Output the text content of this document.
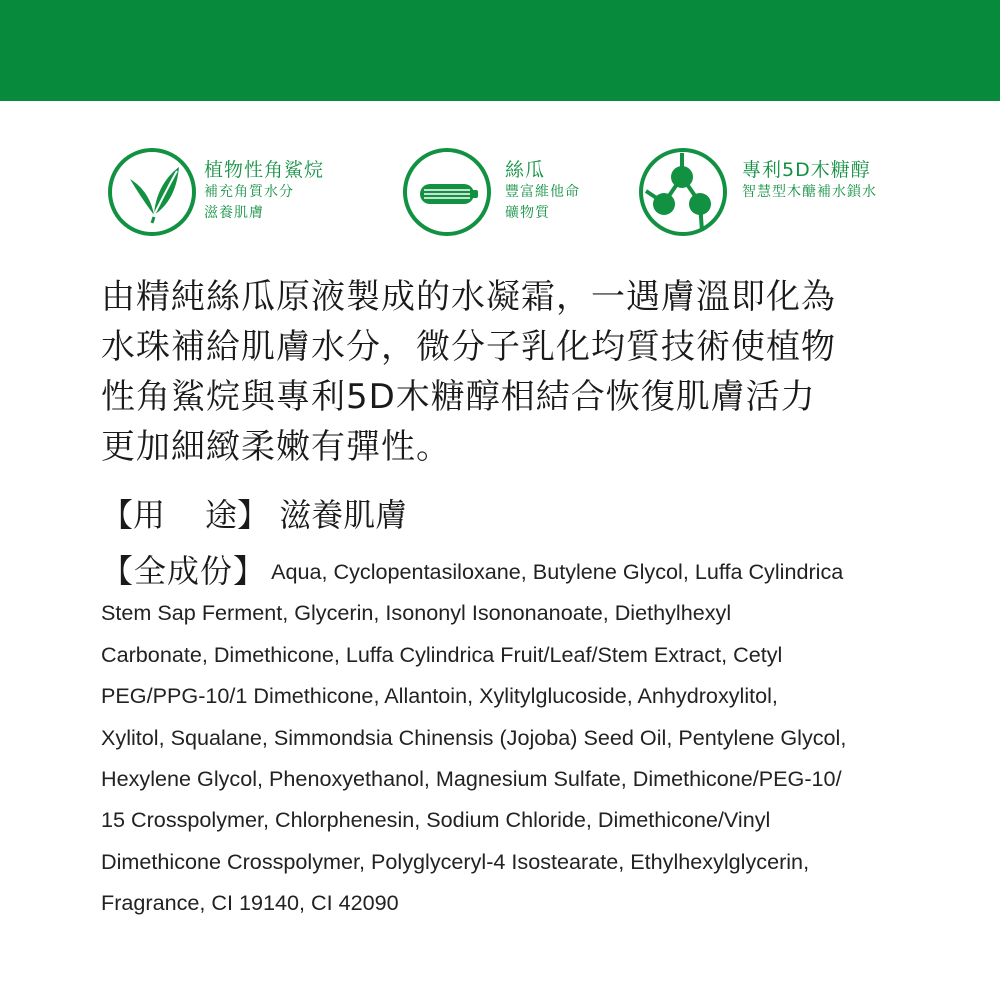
植物性角鯊烷
補充角質水分
滋養肌膚
絲瓜
豐富維他命
礦物質
專利5D木糖醇
智慧型木醣補水鎖水
由精純絲瓜原液製成的水凝霜，一遇膚溫即化為
水珠補給肌膚水分，微分子乳化均質技術使植物
性角鯊烷與專利5D木糖醇相結合恢復肌膚活力
更加細緻柔嫩有彈性。
【用 途】 滋養肌膚
【全成份】 Aqua, Cyclopentasiloxane, Butylene Glycol, Luffa Cylindrica
Stem Sap Ferment, Glycerin, Isononyl Isononanoate, Diethylhexyl
Carbonate, Dimethicone, Luffa Cylindrica Fruit/Leaf/Stem Extract, Cetyl
PEG/PPG-10/1 Dimethicone, Allantoin, Xylitylglucoside, Anhydroxylitol,
Xylitol, Squalane, Simmondsia Chinensis (Jojoba) Seed Oil, Pentylene Glycol,
Hexylene Glycol, Phenoxyethanol, Magnesium Sulfate, Dimethicone/PEG-10/
15 Crosspolymer, Chlorphenesin, Sodium Chloride, Dimethicone/Vinyl
Dimethicone Crosspolymer, Polyglyceryl-4 Isostearate, Ethylhexylglycerin,
Fragrance, CI 19140, CI 42090
